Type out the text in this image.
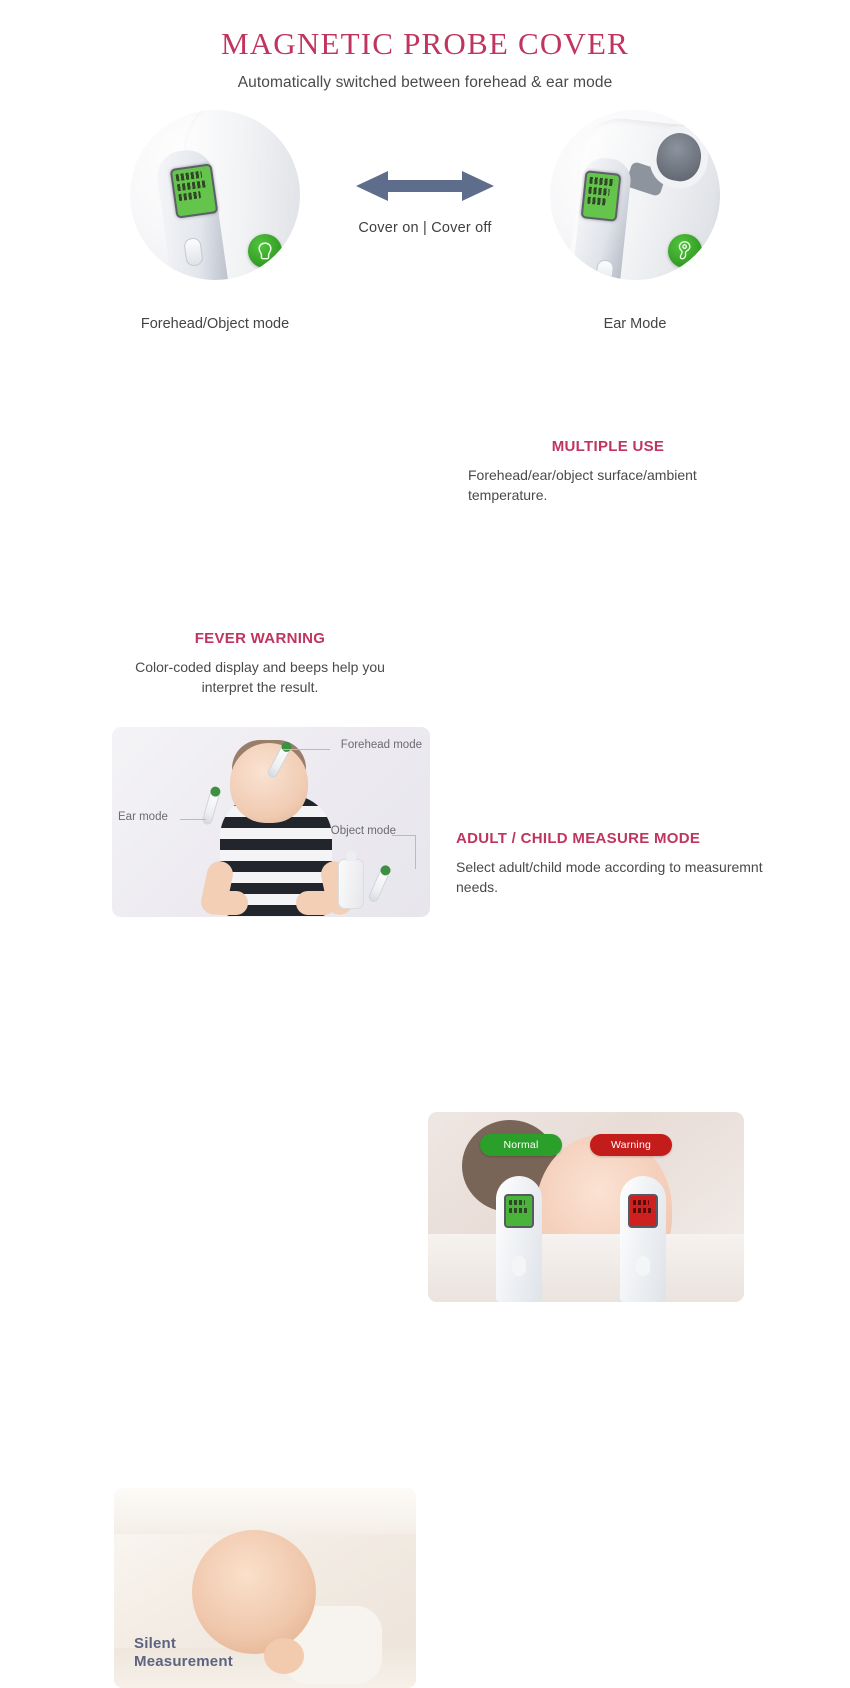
MAGNETIC PROBE COVER

Automatically switched between forehead & ear mode

Forehead/Object mode
Cover on | Cover off
Ear Mode
Forehead mode
Ear mode
Object mode

MULTIPLE USE

Forehead/ear/object surface/ambient temperature.

FEVER WARNING

Color-coded display and beeps help you interpret the result.

Normal	Warning
Silent
Measurement

ADULT / CHILD MEASURE MODE

Select adult/child mode according to measuremnt needs.
